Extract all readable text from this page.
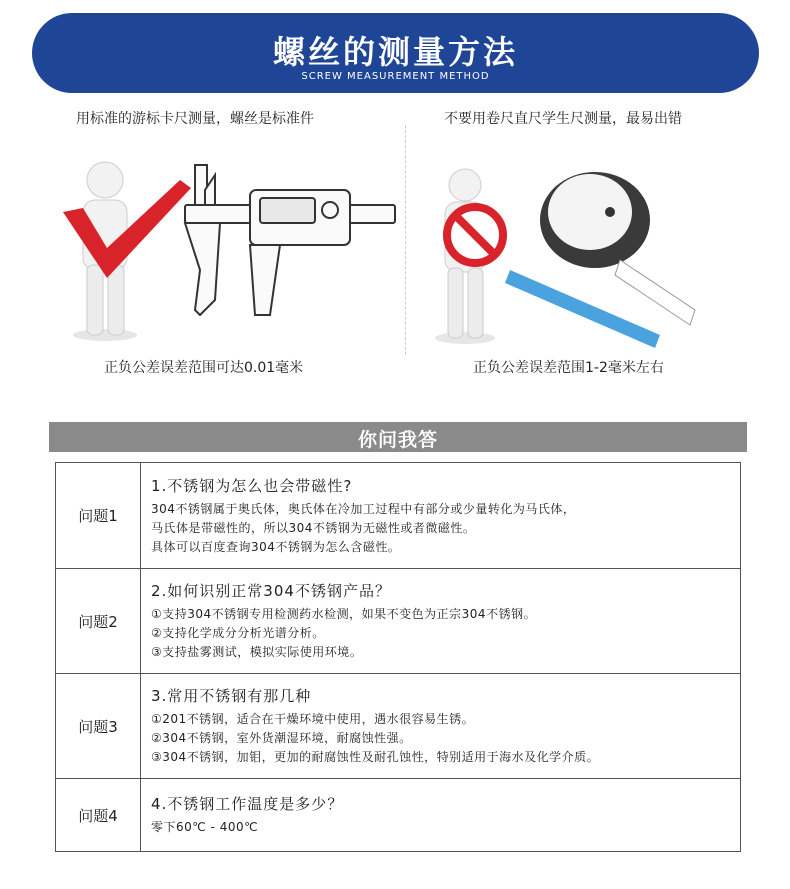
螺丝的测量方法
SCREW MEASUREMENT METHOD
用标准的游标卡尺测量，螺丝是标准件	不要用卷尺直尺学生尺测量，最易出错
正负公差误差范围可达0.01毫米	正负公差误差范围1-2毫米左右
你问我答
问题1	1.不锈钢为怎么也会带磁性?
304不锈钢属于奥氏体，奥氏体在冷加工过程中有部分或少量转化为马氏体，
马氏体是带磁性的，所以304不锈钢为无磁性或者微磁性。
具体可以百度查询304不锈钢为怎么含磁性。

问题2	2.如何识别正常304不锈钢产品？
①支持304不锈钢专用检测药水检测，如果不变色为正宗304不锈钢。
②支持化学成分分析光谱分析。
③支持盐雾测试，模拟实际使用环境。

问题3	3.常用不锈钢有那几种
①201不锈钢，适合在干燥环境中使用，遇水很容易生锈。
②304不锈钢，室外货潮湿环境，耐腐蚀性强。
③304不锈钢，加钼，更加的耐腐蚀性及耐孔蚀性，特别适用于海水及化学介质。

问题4	4.不锈钢工作温度是多少？
零下60℃ - 400℃
